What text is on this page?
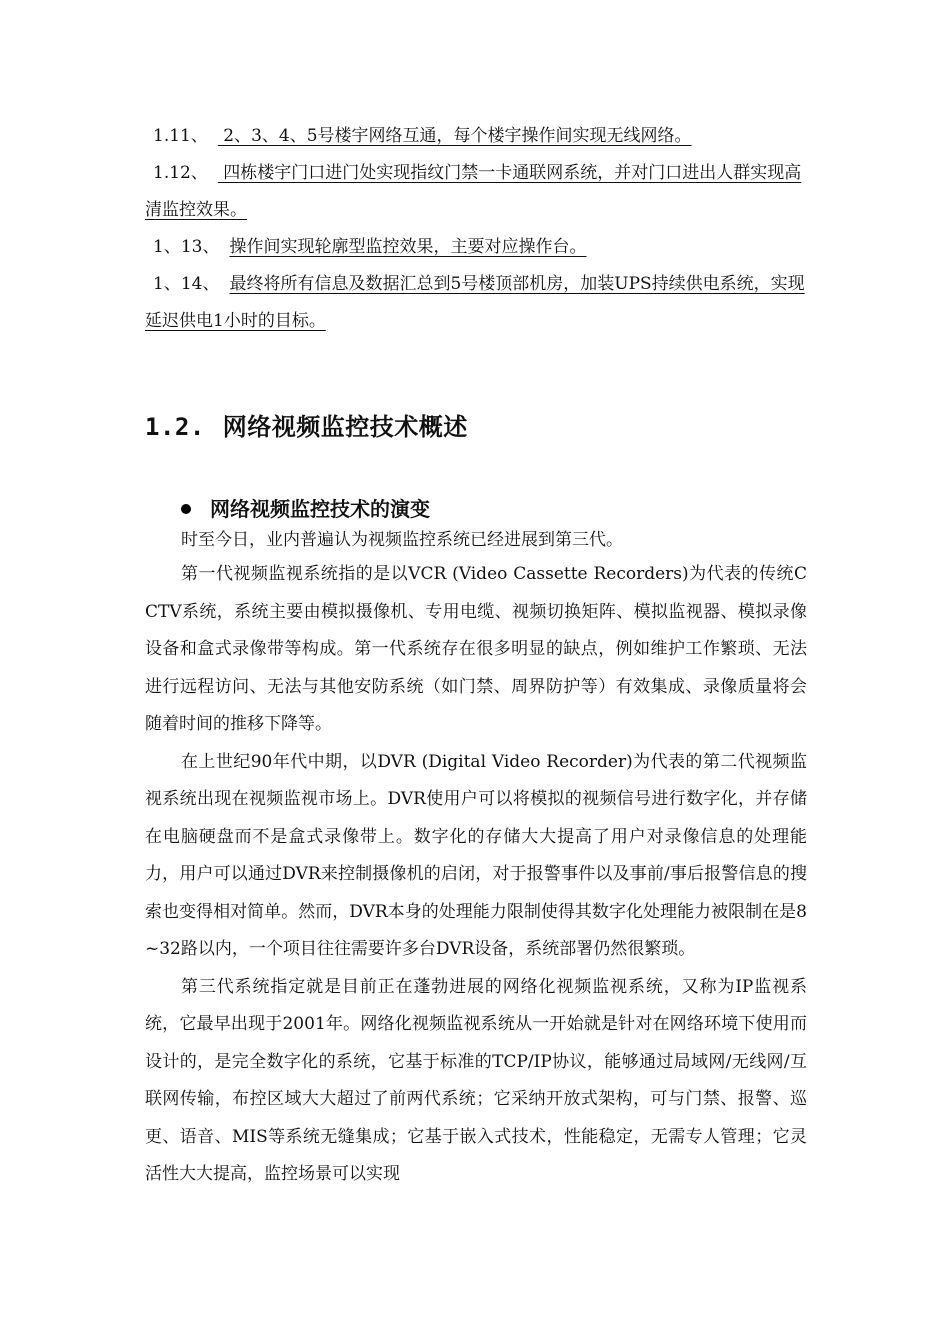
1.11、 2、3、4、5号楼宇网络互通，每个楼宇操作间实现无线网络。
1.12、 四栋楼宇门口进门处实现指纹门禁一卡通联网系统，并对门口进出人群实现高清监控效果。
1、13、 操作间实现轮廓型监控效果，主要对应操作台。
1、14、 最终将所有信息及数据汇总到5号楼顶部机房，加装UPS持续供电系统，实现延迟供电1小时的目标。
1.2. 网络视频监控技术概述
网络视频监控技术的演变

时至今日，业内普遍认为视频监控系统已经进展到第三代。

第一代视频监视系统指的是以VCR (Video Cassette Recorders)为代表的传统CCTV系统，系统主要由模拟摄像机、专用电缆、视频切换矩阵、模拟监视器、模拟录像设备和盒式录像带等构成。第一代系统存在很多明显的缺点，例如维护工作繁琐、无法进行远程访问、无法与其他安防系统（如门禁、周界防护等）有效集成、录像质量将会随着时间的推移下降等。

在上世纪90年代中期，以DVR (Digital Video Recorder)为代表的第二代视频监视系统出现在视频监视市场上。DVR使用户可以将模拟的视频信号进行数字化，并存储在电脑硬盘而不是盒式录像带上。数字化的存储大大提高了用户对录像信息的处理能力，用户可以通过DVR来控制摄像机的启闭，对于报警事件以及事前/事后报警信息的搜索也变得相对简单。然而，DVR本身的处理能力限制使得其数字化处理能力被限制在是8~32路以内，一个项目往往需要许多台DVR设备，系统部署仍然很繁琐。

第三代系统指定就是目前正在蓬勃进展的网络化视频监视系统，又称为IP监视系统，它最早出现于2001年。网络化视频监视系统从一开始就是针对在网络环境下使用而设计的，是完全数字化的系统，它基于标准的TCP/IP协议，能够通过局域网/无线网/互联网传输，布控区域大大超过了前两代系统；它采纳开放式架构，可与门禁、报警、巡更、语音、MIS等系统无缝集成；它基于嵌入式技术，性能稳定，无需专人管理；它灵活性大大提高，监控场景可以实现
